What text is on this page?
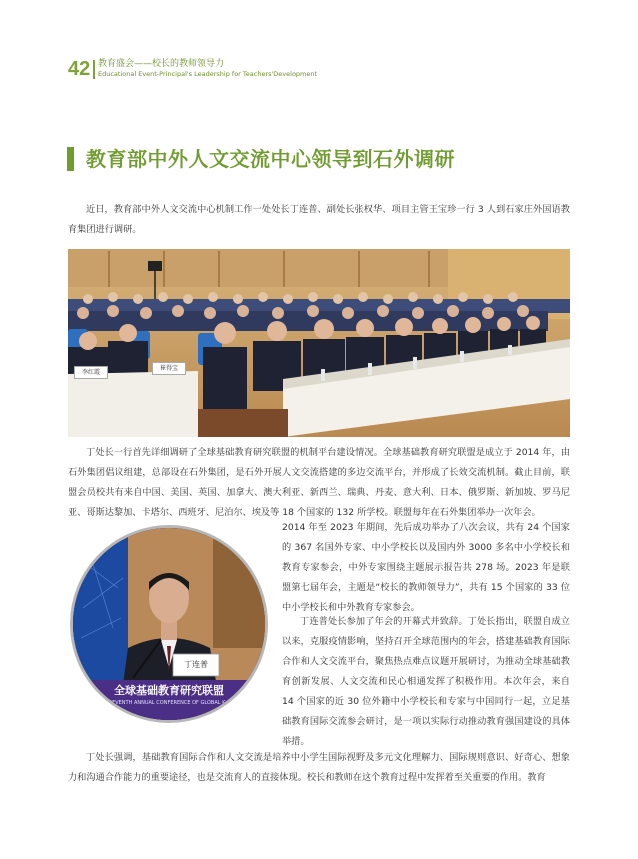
42 教育盛会——校长的教师领导力
Educational Event-Principal's Leadership for Teachers'Development
教育部中外人文交流中心领导到石外调研
近日，教育部中外人文交流中心机制工作一处处长丁连普、副处长张权华、项目主管王宝珍一行 3 人到石家庄外国语教育集团进行调研。
李红霞
崔得宝
丁处长一行首先详细调研了全球基础教育研究联盟的机制平台建设情况。全球基础教育研究联盟是成立于 2014 年，由石外集团倡议组建，总部设在石外集团，是石外开展人文交流搭建的多边交流平台，并形成了长效交流机制。截止目前，联盟会员校共有来自中国、美国、英国、加拿大、澳大利亚、新西兰、瑞典、丹麦、意大利、日本、俄罗斯、新加坡、罗马尼亚、哥斯达黎加、卡塔尔、西班牙、尼泊尔、埃及等 18 个国家的 132 所学校。联盟每年在石外集团举办一次年会。
丁连普
全球基础教育研究联盟
SEVENTH ANNUAL CONFERENCE OF GLOBAL K-12
2014 年至 2023 年期间，先后成功举办了八次会议，共有 24 个国家的 367 名国外专家、中小学校长以及国内外 3000 多名中小学校长和教育专家参会，中外专家围绕主题展示报告共 278 场。2023 年是联盟第七届年会，主题是“校长的教师领导力”，共有 15 个国家的 33 位中小学校长和中外教育专家参会。
丁连普处长参加了年会的开幕式并致辞。丁处长指出，联盟自成立以来，克服疫情影响，坚持召开全球范围内的年会，搭建基础教育国际合作和人文交流平台，聚焦热点难点议题开展研讨，为推动全球基础教育创新发展、人文交流和民心相通发挥了积极作用。本次年会，来自 14 个国家的近 30 位外籍中小学校长和专家与中国同行一起，立足基础教育国际交流参会研讨，是一项以实际行动推动教育强国建设的具体举措。
丁处长强调，基础教育国际合作和人文交流是培养中小学生国际视野及多元文化理解力、国际规则意识、好奇心、想象力和沟通合作能力的重要途径，也是交流育人的直接体现。校长和教师在这个教育过程中发挥着至关重要的作用。教育
